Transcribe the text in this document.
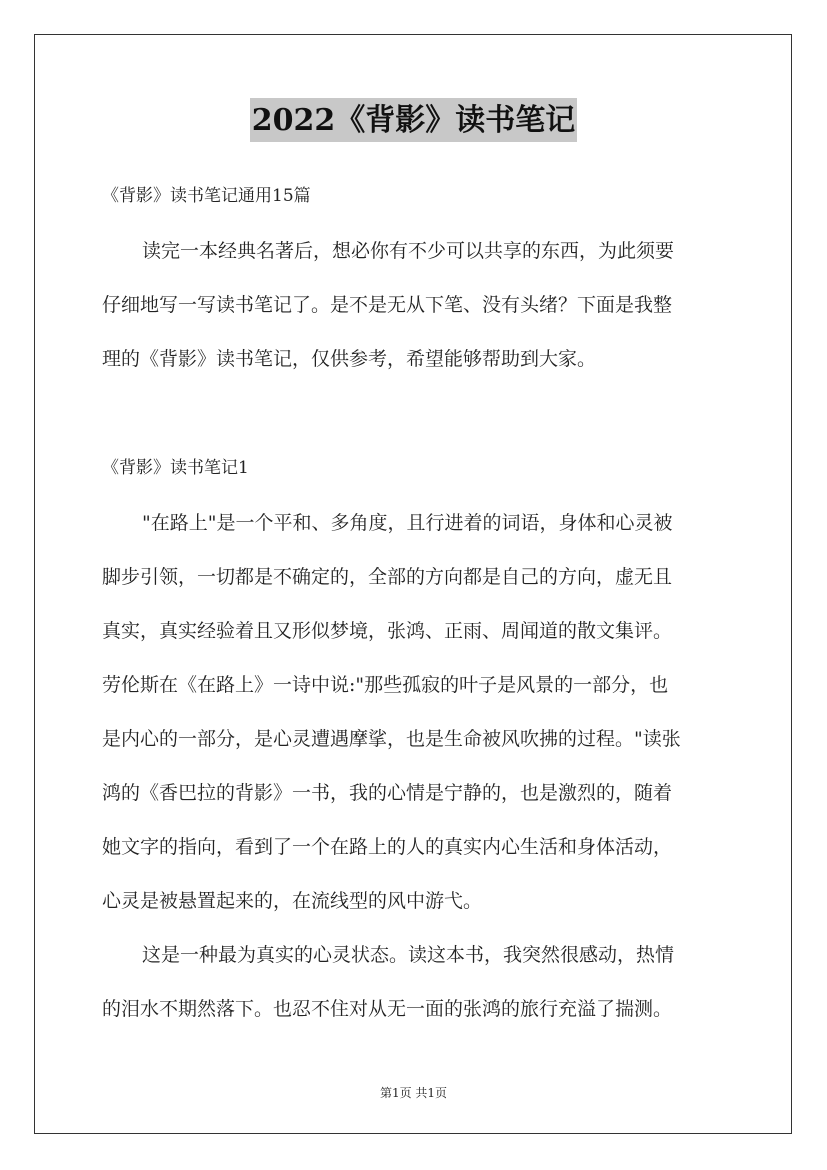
2022《背影》读书笔记
《背影》读书笔记通用15篇
读完一本经典名著后，想必你有不少可以共享的东西，为此须要
仔细地写一写读书笔记了。是不是无从下笔、没有头绪？下面是我整
理的《背影》读书笔记，仅供参考，希望能够帮助到大家。
《背影》读书笔记1
"在路上"是一个平和、多角度，且行进着的词语，身体和心灵被
脚步引领，一切都是不确定的，全部的方向都是自己的方向，虚无且
真实，真实经验着且又形似梦境，张鸿、正雨、周闻道的散文集评。
劳伦斯在《在路上》一诗中说:"那些孤寂的叶子是风景的一部分，也
是内心的一部分，是心灵遭遇摩挲，也是生命被风吹拂的过程。"读张
鸿的《香巴拉的背影》一书，我的心情是宁静的，也是激烈的，随着
她文字的指向，看到了一个在路上的人的真实内心生活和身体活动，
心灵是被悬置起来的，在流线型的风中游弋。
这是一种最为真实的心灵状态。读这本书，我突然很感动，热情
的泪水不期然落下。也忍不住对从无一面的张鸿的旅行充溢了揣测。
第1页 共1页
